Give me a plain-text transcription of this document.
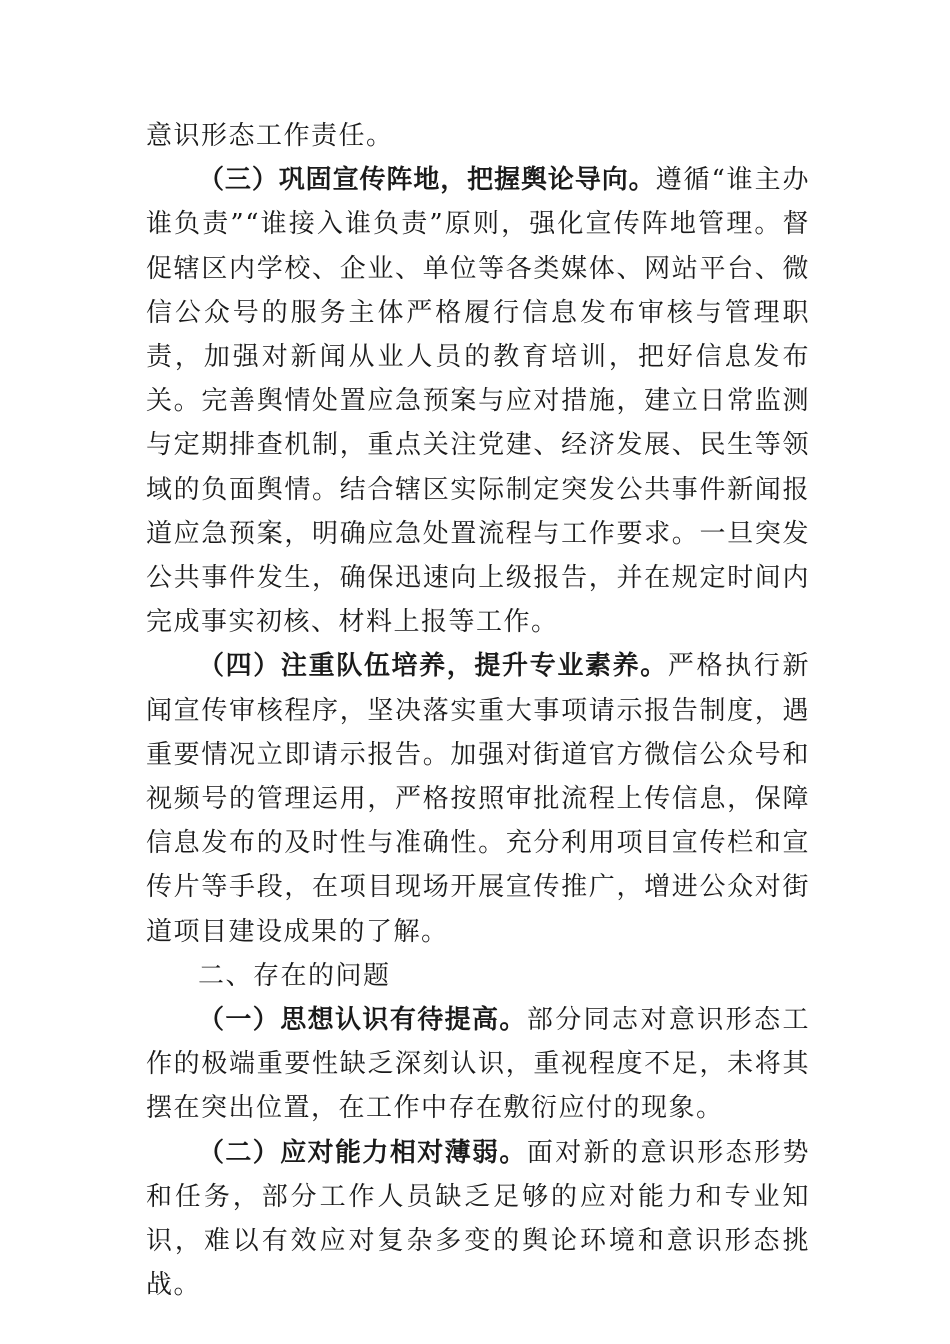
意识形态工作责任。

（三）巩固宣传阵地，把握舆论导向。遵循“谁主办谁负责”“谁接入谁负责”原则，强化宣传阵地管理。督促辖区内学校、企业、单位等各类媒体、网站平台、微信公众号的服务主体严格履行信息发布审核与管理职责，加强对新闻从业人员的教育培训，把好信息发布关。完善舆情处置应急预案与应对措施，建立日常监测与定期排查机制，重点关注党建、经济发展、民生等领域的负面舆情。结合辖区实际制定突发公共事件新闻报道应急预案，明确应急处置流程与工作要求。一旦突发公共事件发生，确保迅速向上级报告，并在规定时间内完成事实初核、材料上报等工作。

（四）注重队伍培养，提升专业素养。严格执行新闻宣传审核程序，坚决落实重大事项请示报告制度，遇重要情况立即请示报告。加强对街道官方微信公众号和视频号的管理运用，严格按照审批流程上传信息，保障信息发布的及时性与准确性。充分利用项目宣传栏和宣传片等手段，在项目现场开展宣传推广，增进公众对街道项目建设成果的了解。

二、存在的问题

（一）思想认识有待提高。部分同志对意识形态工作的极端重要性缺乏深刻认识，重视程度不足，未将其摆在突出位置，在工作中存在敷衍应付的现象。

（二）应对能力相对薄弱。面对新的意识形态形势和任务，部分工作人员缺乏足够的应对能力和专业知识，难以有效应对复杂多变的舆论环境和意识形态挑战。
